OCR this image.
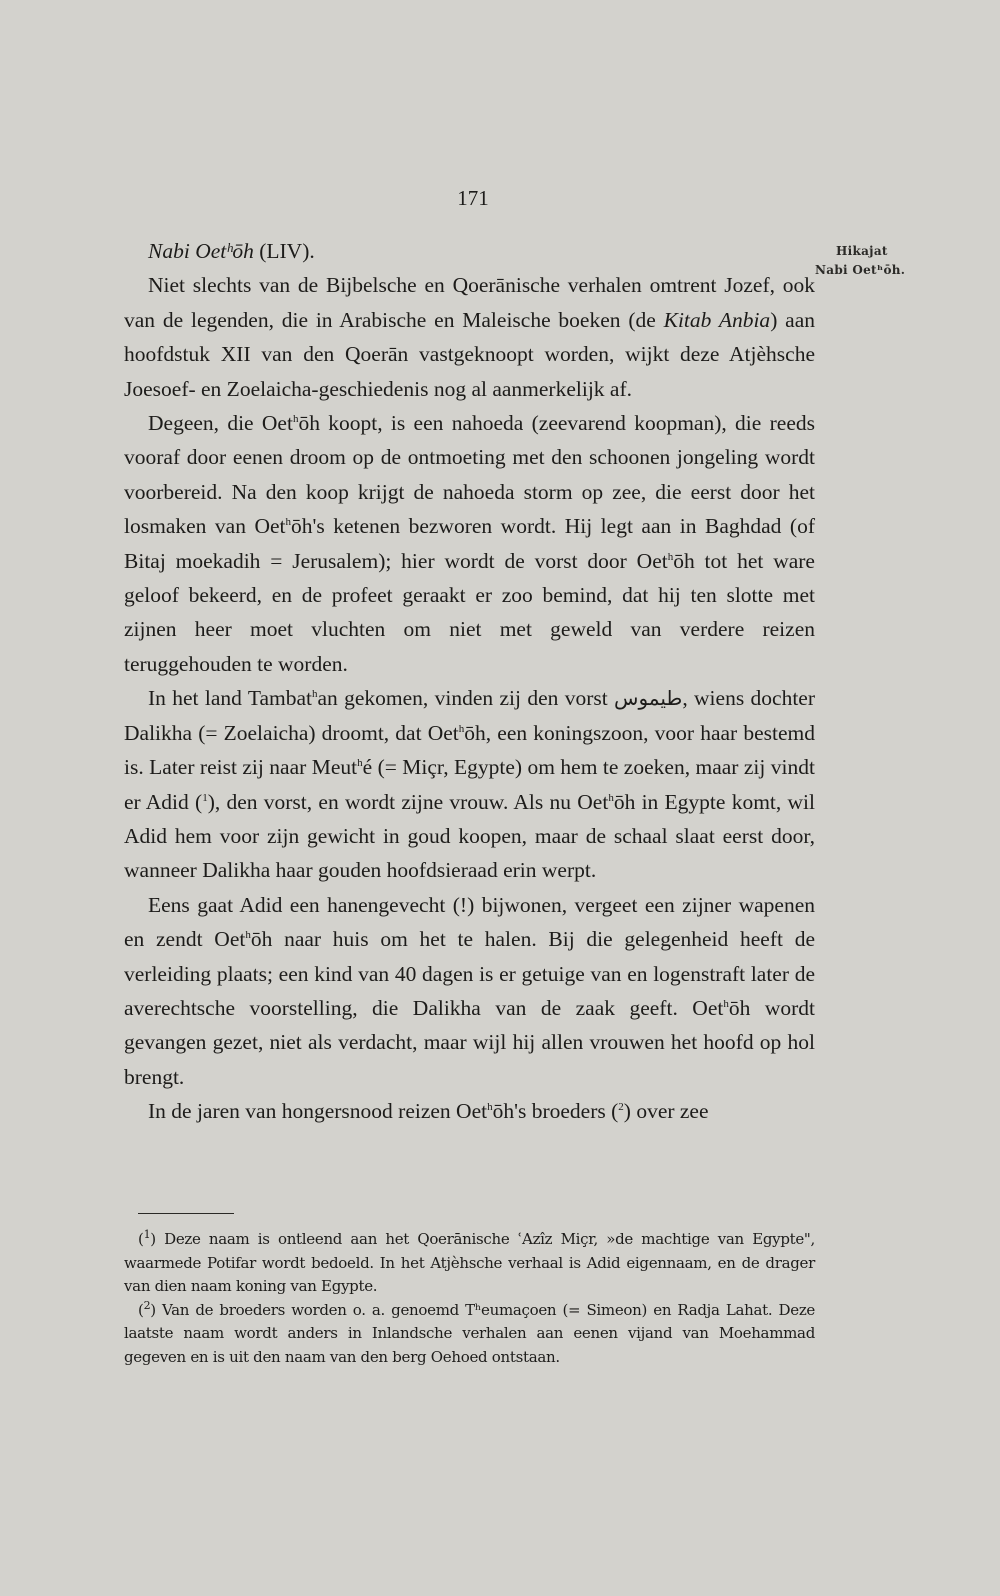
171
Hikajat
Nabi Oetʰōh.
Nabi Oetʰōh (LIV).

Niet slechts van de Bijbelsche en Qoerānische verhalen omtrent Jozef, ook van de legenden, die in Arabische en Maleische boeken (de Kitab Anbia) aan hoofdstuk XII van den Qoerān vastgeknoopt worden, wijkt deze Atjèhsche Joesoef- en Zoelaicha-geschiedenis nog al aanmerkelijk af.

Degeen, die Oet$^h$ōh koopt, is een nahoeda (zeevarend koopman), die reeds vooraf door eenen droom op de ontmoeting met den schoonen jongeling wordt voorbereid. Na den koop krijgt de nahoeda storm op zee, die eerst door het losmaken van Oet$^h$ōh's ketenen bezworen wordt. Hij legt aan in Baghdad (of Bitaj moekadih = Jerusalem); hier wordt de vorst door Oet$^h$ōh tot het ware geloof bekeerd, en de profeet geraakt er zoo bemind, dat hij ten slotte met zijnen heer moet vluchten om niet met geweld van verdere reizen teruggehouden te worden.

In het land Tambat$^h$an gekomen, vinden zij den vorst طيموس, wiens dochter Dalikha (= Zoelaicha) droomt, dat Oet$^h$ōh, een koningszoon, voor haar bestemd is. Later reist zij naar Meut$^h$é (= Miçr, Egypte) om hem te zoeken, maar zij vindt er Adid ($^1$), den vorst, en wordt zijne vrouw. Als nu Oet$^h$ōh in Egypte komt, wil Adid hem voor zijn gewicht in goud koopen, maar de schaal slaat eerst door, wanneer Dalikha haar gouden hoofdsieraad erin werpt.

Eens gaat Adid een hanengevecht (!) bijwonen, vergeet een zijner wapenen en zendt Oet$^h$ōh naar huis om het te halen. Bij die gelegenheid heeft de verleiding plaats; een kind van 40 dagen is er getuige van en logenstraft later de averechtsche voorstelling, die Dalikha van de zaak geeft. Oet$^h$ōh wordt gevangen gezet, niet als verdacht, maar wijl hij allen vrouwen het hoofd op hol brengt.

In de jaren van hongersnood reizen Oet$^h$ōh's broeders ($^2$) over zee

($^1$) Deze naam is ontleend aan het Qoerānische ʿAzîz Miçr, »de machtige van Egypte", waarmede Potifar wordt bedoeld. In het Atjèhsche verhaal is Adid eigennaam, en de drager van dien naam koning van Egypte.

($^2$) Van de broeders worden o. a. genoemd Tʰeumaçoen (= Simeon) en Radja Lahat. Deze laatste naam wordt anders in Inlandsche verhalen aan eenen vijand van Moehammad gegeven en is uit den naam van den berg Oehoed ontstaan.
